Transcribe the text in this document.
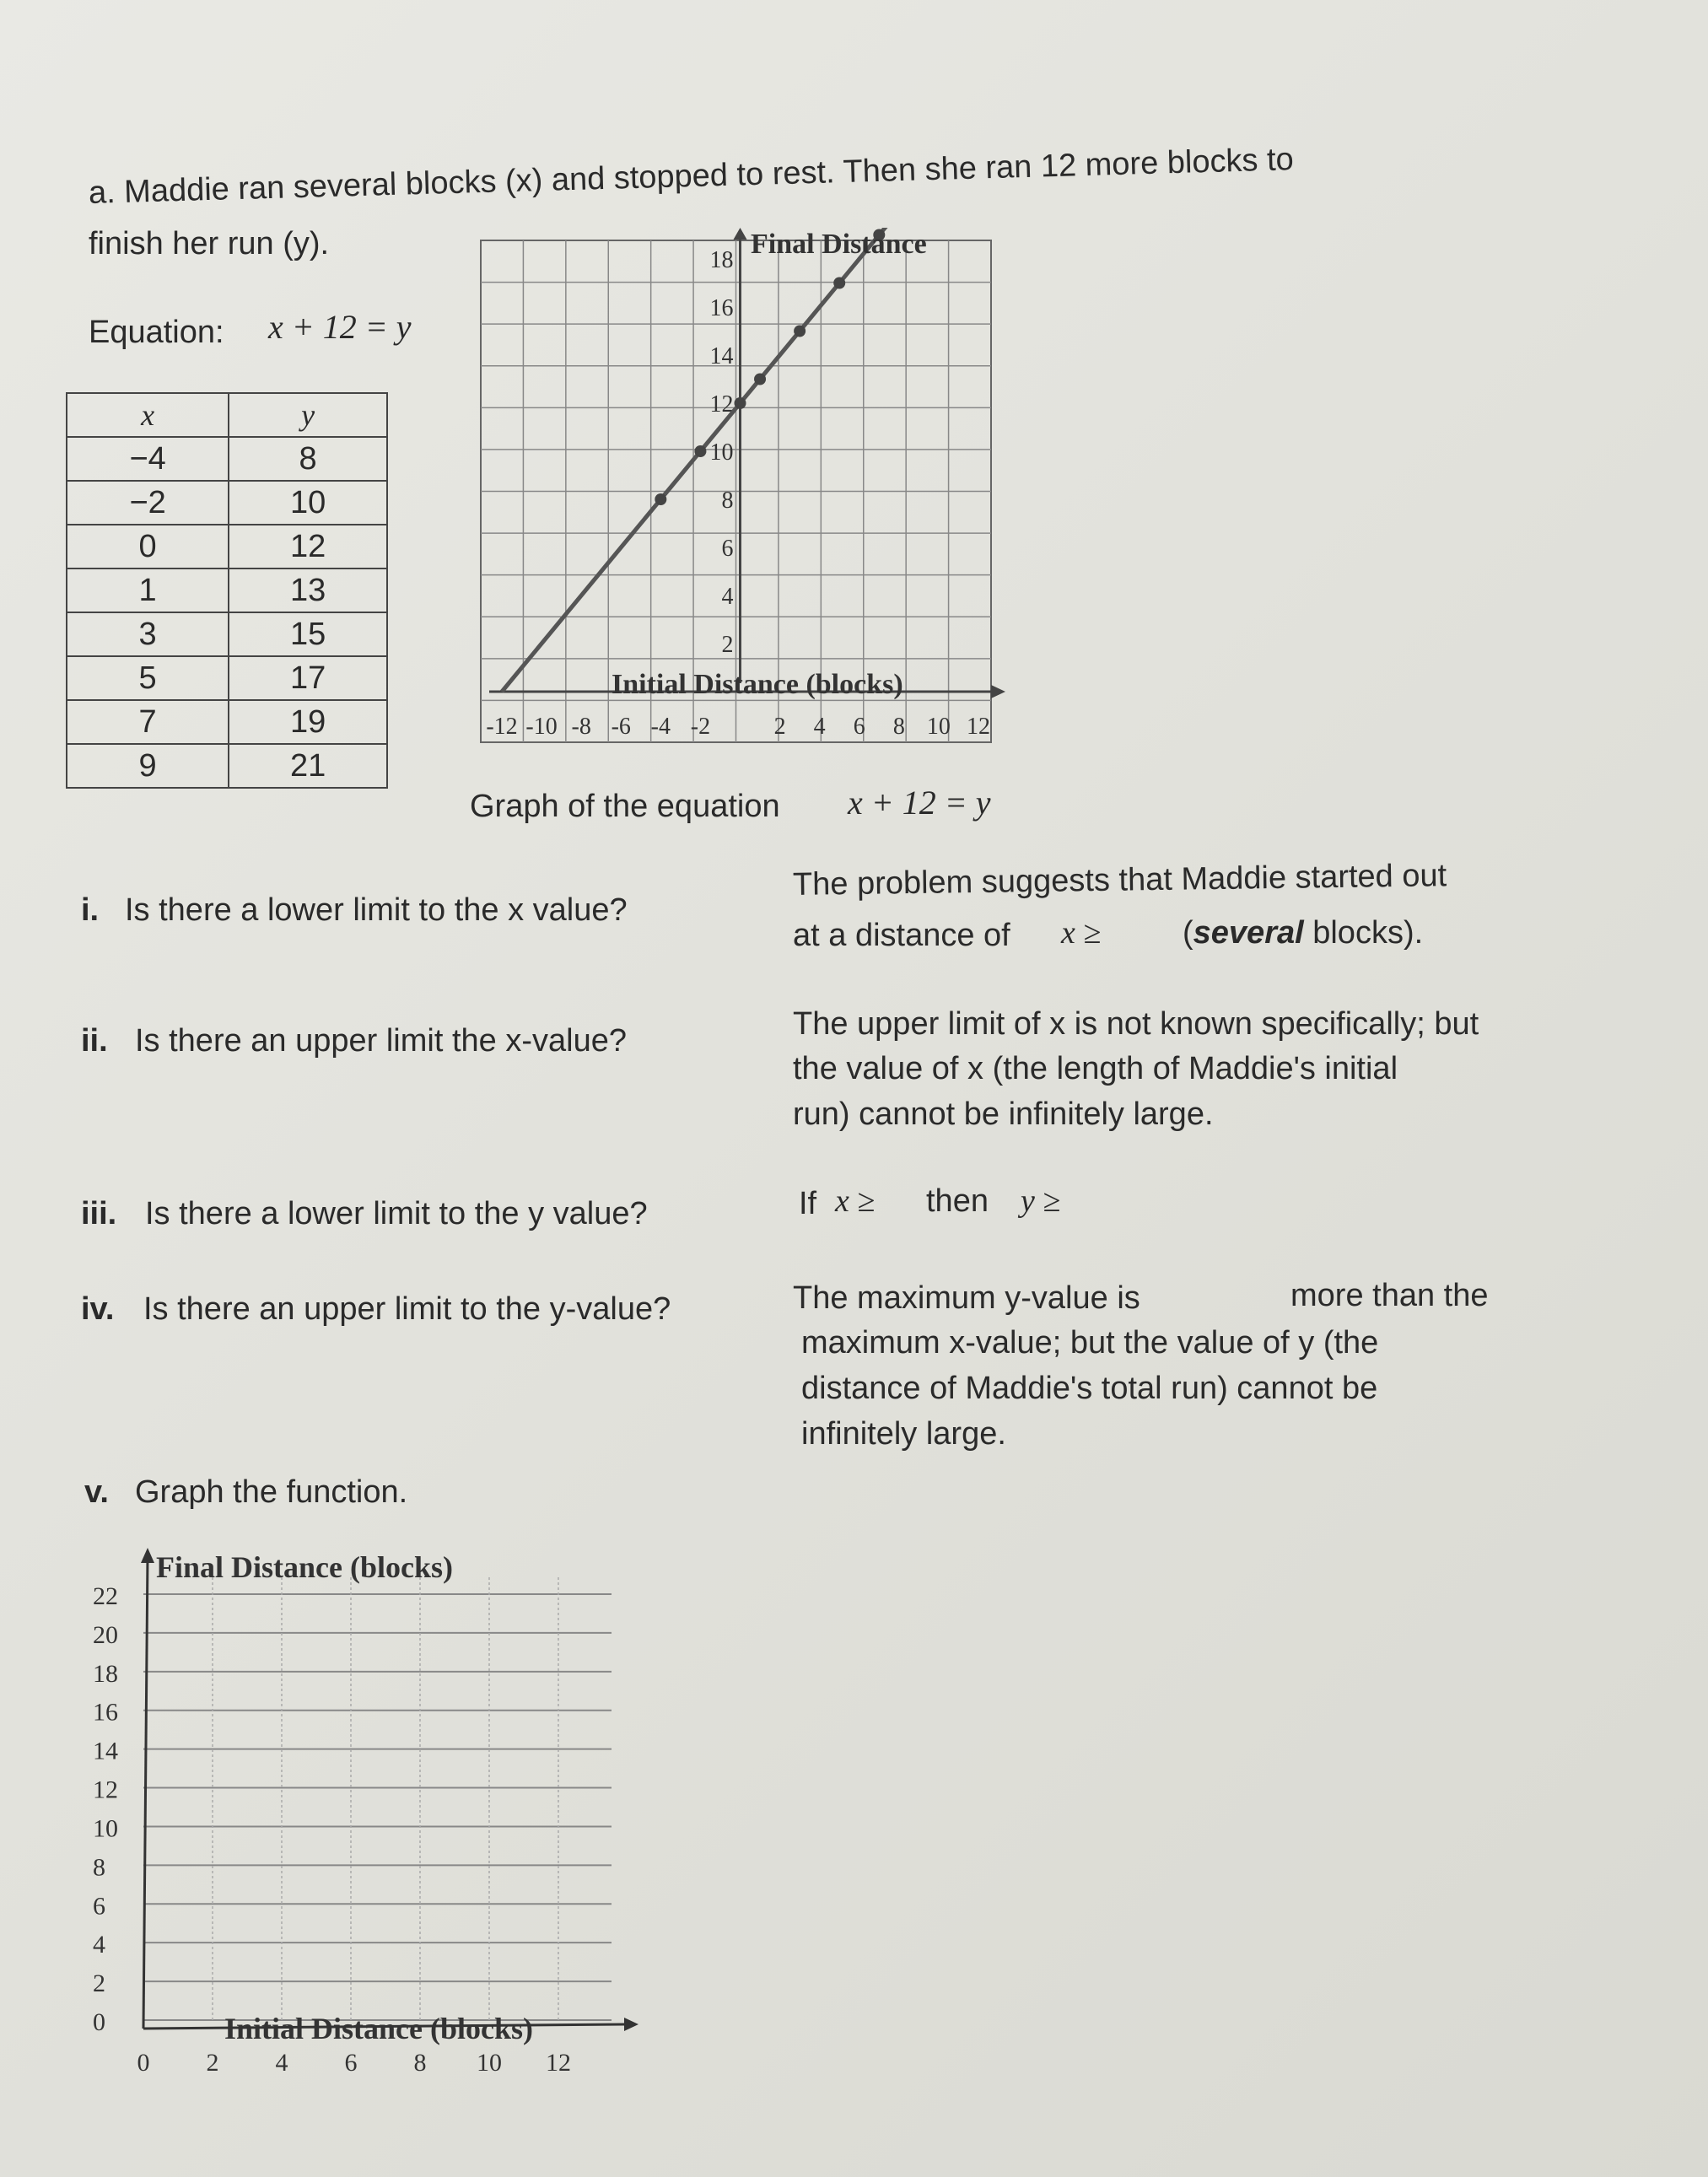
a. Maddie ran several blocks (x) and stopped to rest. Then she ran 12 more blocks to
finish her run (y).
Equation: x + 12 = y
x	y
−4	8
−2	10
0	12
1	13
3	15
5	17
7	19
9	21
-12 -10 -8 -6 -4 -2	2 4 6 8 10 12
2
4
6
8
10
12
14
16
18
Final Distance
Initial Distance (blocks)
Graph of the equation x + 12 = y
i. Is there a lower limit to the x value?
The problem suggests that Maddie started out
at a distance of x ≥	(several blocks).
ii. Is there an upper limit the x-value?	The upper limit of x is not known specifically; but
the value of x (the length of Maddie's initial
run) cannot be infinitely large.
iii. Is there a lower limit to the y value?	If x ≥ then y ≥
iv. Is there an upper limit to the y-value?	The maximum y-value is	more than the
maximum x-value; but the value of y (the
distance of Maddie's total run) cannot be
infinitely large.
v. Graph the function.
22
20
18
16
14
12
10
8
6
4
2
0
0 2 4 6 8 10 12
Final Distance (blocks)
Initial Distance (blocks)
